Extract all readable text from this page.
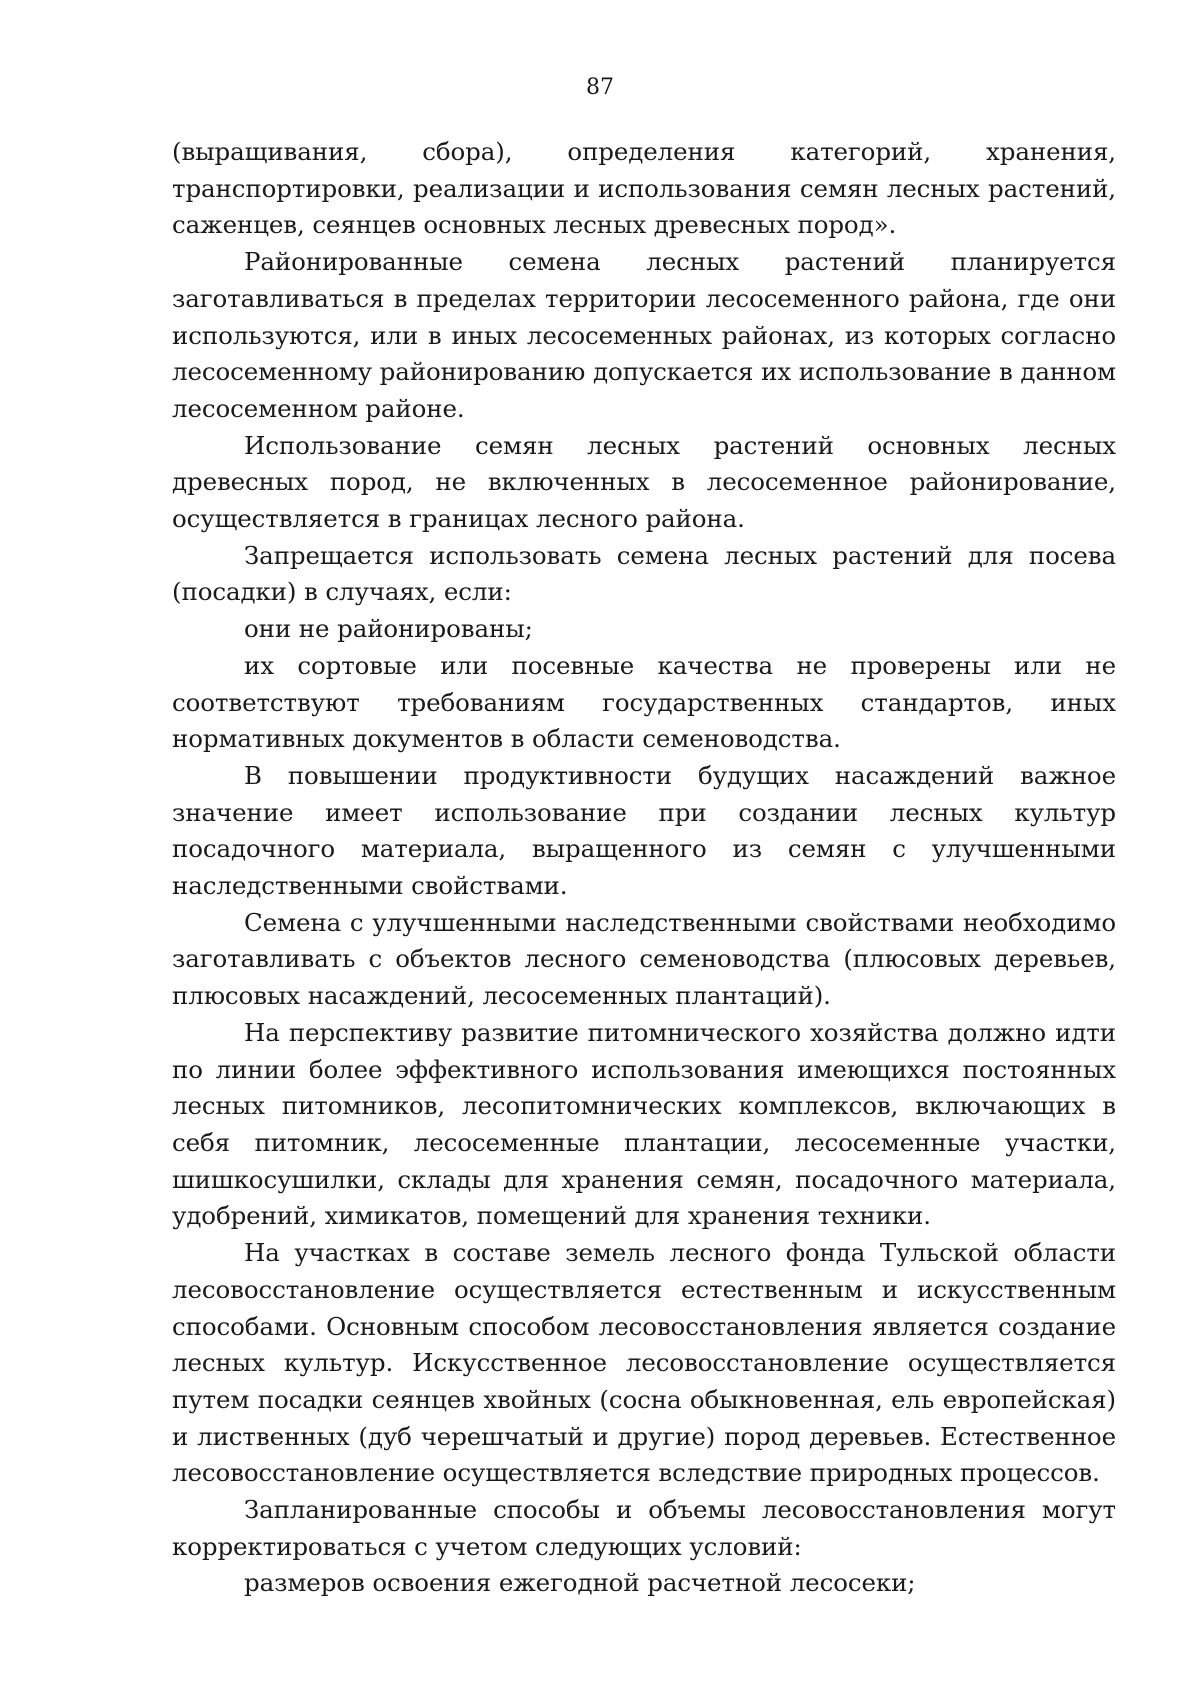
87

(выращивания, сбора), определения категорий, хранения, транспортировки, реализации и использования семян лесных растений, саженцев, сеянцев основных лесных древесных пород».

Районированные семена лесных растений планируется заготавливаться в пределах территории лесосеменного района, где они используются, или в иных лесосеменных районах, из которых согласно лесосеменному районированию допускается их использование в данном лесосеменном районе.

Использование семян лесных растений основных лесных древесных пород, не включенных в лесосеменное районирование, осуществляется в границах лесного района.

Запрещается использовать семена лесных растений для посева (посадки) в случаях, если:

они не районированы;

их сортовые или посевные качества не проверены или не соответствуют требованиям государственных стандартов, иных нормативных документов в области семеноводства.

В повышении продуктивности будущих насаждений важное значение имеет использование при создании лесных культур посадочного материала, выращенного из семян с улучшенными наследственными свойствами.

Семена с улучшенными наследственными свойствами необходимо заготавливать с объектов лесного семеноводства (плюсовых деревьев, плюсовых насаждений, лесосеменных плантаций).

На перспективу развитие питомнического хозяйства должно идти по линии более эффективного использования имеющихся постоянных лесных питомников, лесопитомнических комплексов, включающих в себя питомник, лесосеменные плантации, лесосеменные участки, шишкосушилки, склады для хранения семян, посадочного материала, удобрений, химикатов, помещений для хранения техники.

На участках в составе земель лесного фонда Тульской области лесовосстановление осуществляется естественным и искусственным способами. Основным способом лесовосстановления является создание лесных культур. Искусственное лесовосстановление осуществляется путем посадки сеянцев хвойных (сосна обыкновенная, ель европейская) и лиственных (дуб черешчатый и другие) пород деревьев. Естественное лесовосстановление осуществляется вследствие природных процессов.

Запланированные способы и объемы лесовосстановления могут корректироваться с учетом следующих условий:

размеров освоения ежегодной расчетной лесосеки;
